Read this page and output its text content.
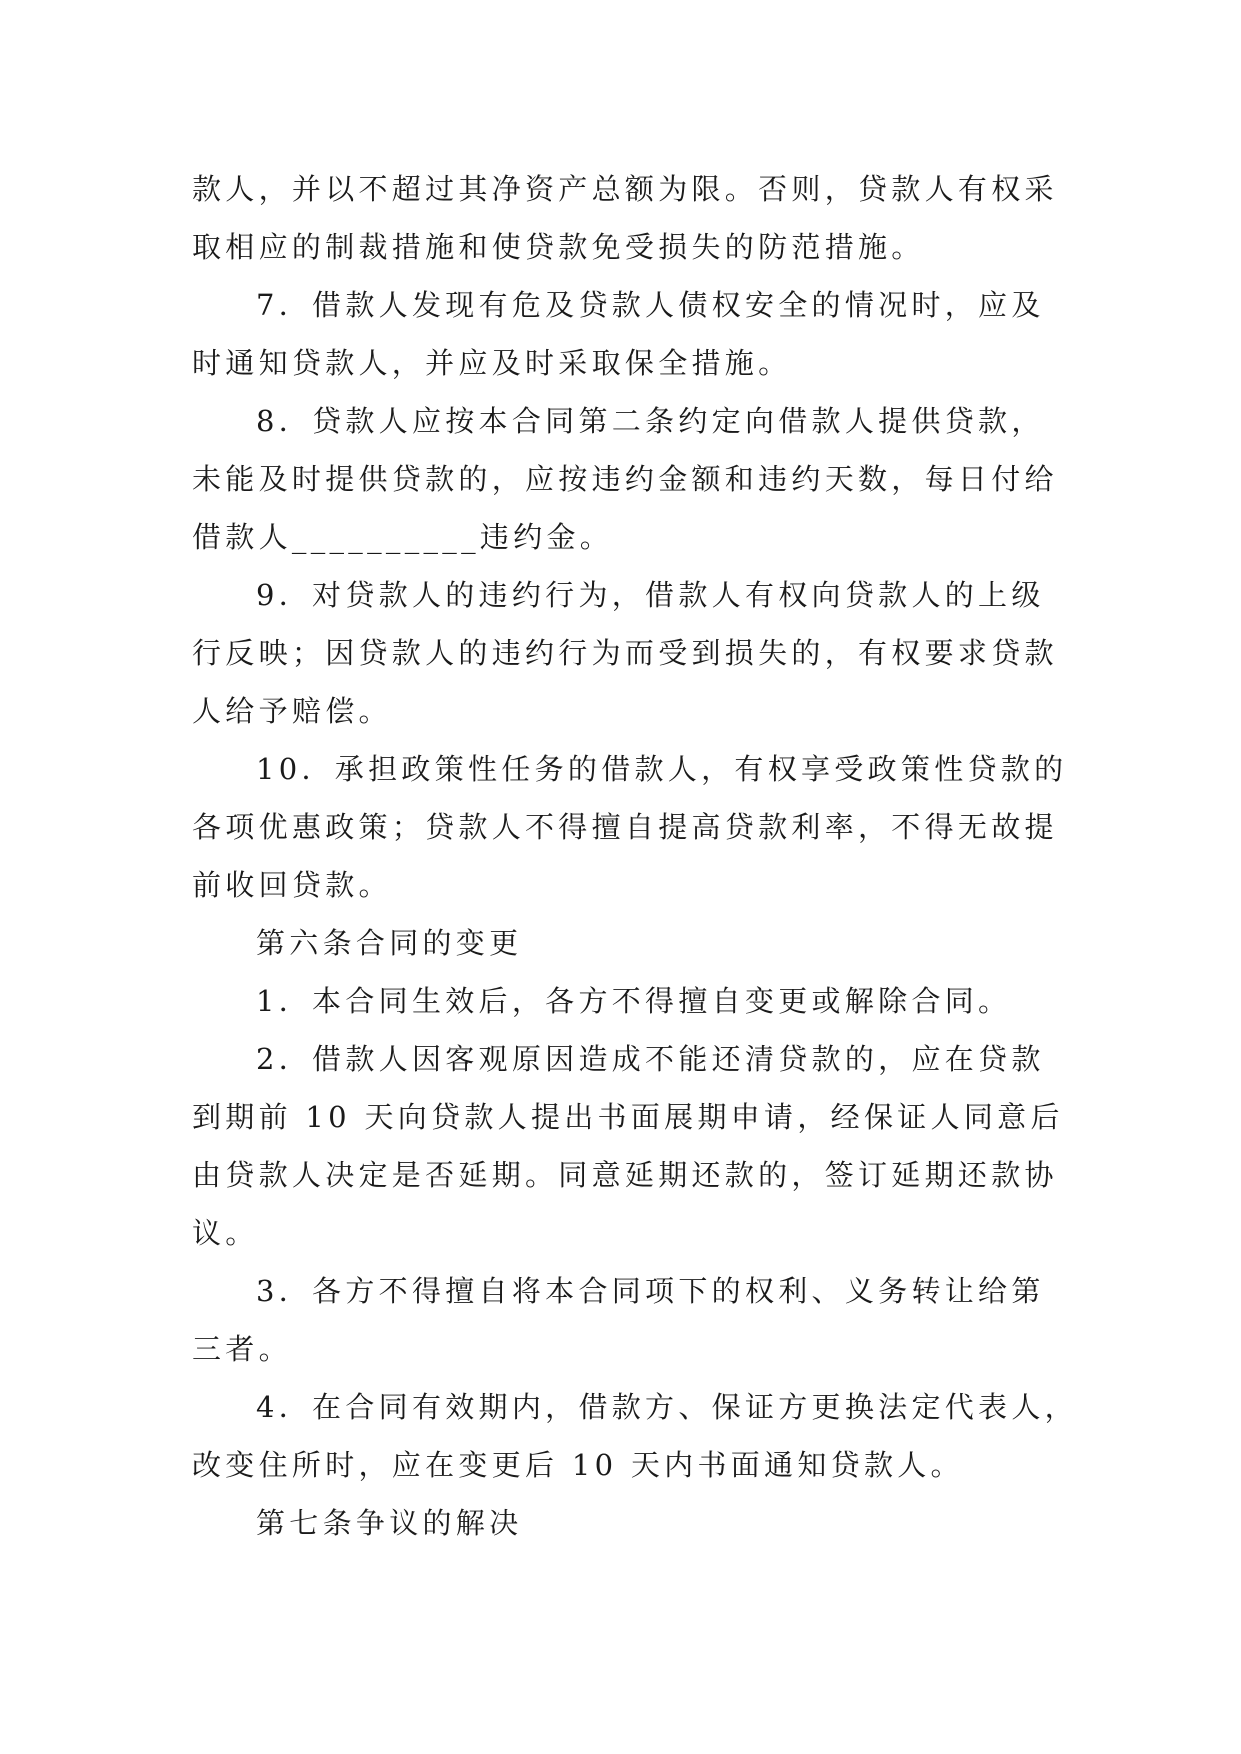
款人，并以不超过其净资产总额为限。否则，贷款人有权采
取相应的制裁措施和使贷款免受损失的防范措施。
7．借款人发现有危及贷款人债权安全的情况时，应及
时通知贷款人，并应及时采取保全措施。
8．贷款人应按本合同第二条约定向借款人提供贷款，
未能及时提供贷款的，应按违约金额和违约天数，每日付给
借款人__________违约金。
9．对贷款人的违约行为，借款人有权向贷款人的上级
行反映；因贷款人的违约行为而受到损失的，有权要求贷款
人给予赔偿。
10．承担政策性任务的借款人，有权享受政策性贷款的
各项优惠政策；贷款人不得擅自提高贷款利率，不得无故提
前收回贷款。
第六条合同的变更
1．本合同生效后，各方不得擅自变更或解除合同。
2．借款人因客观原因造成不能还清贷款的，应在贷款
到期前 10 天向贷款人提出书面展期申请，经保证人同意后
由贷款人决定是否延期。同意延期还款的，签订延期还款协
议。
3．各方不得擅自将本合同项下的权利、义务转让给第
三者。
4．在合同有效期内，借款方、保证方更换法定代表人，
改变住所时，应在变更后 10 天内书面通知贷款人。
第七条争议的解决
